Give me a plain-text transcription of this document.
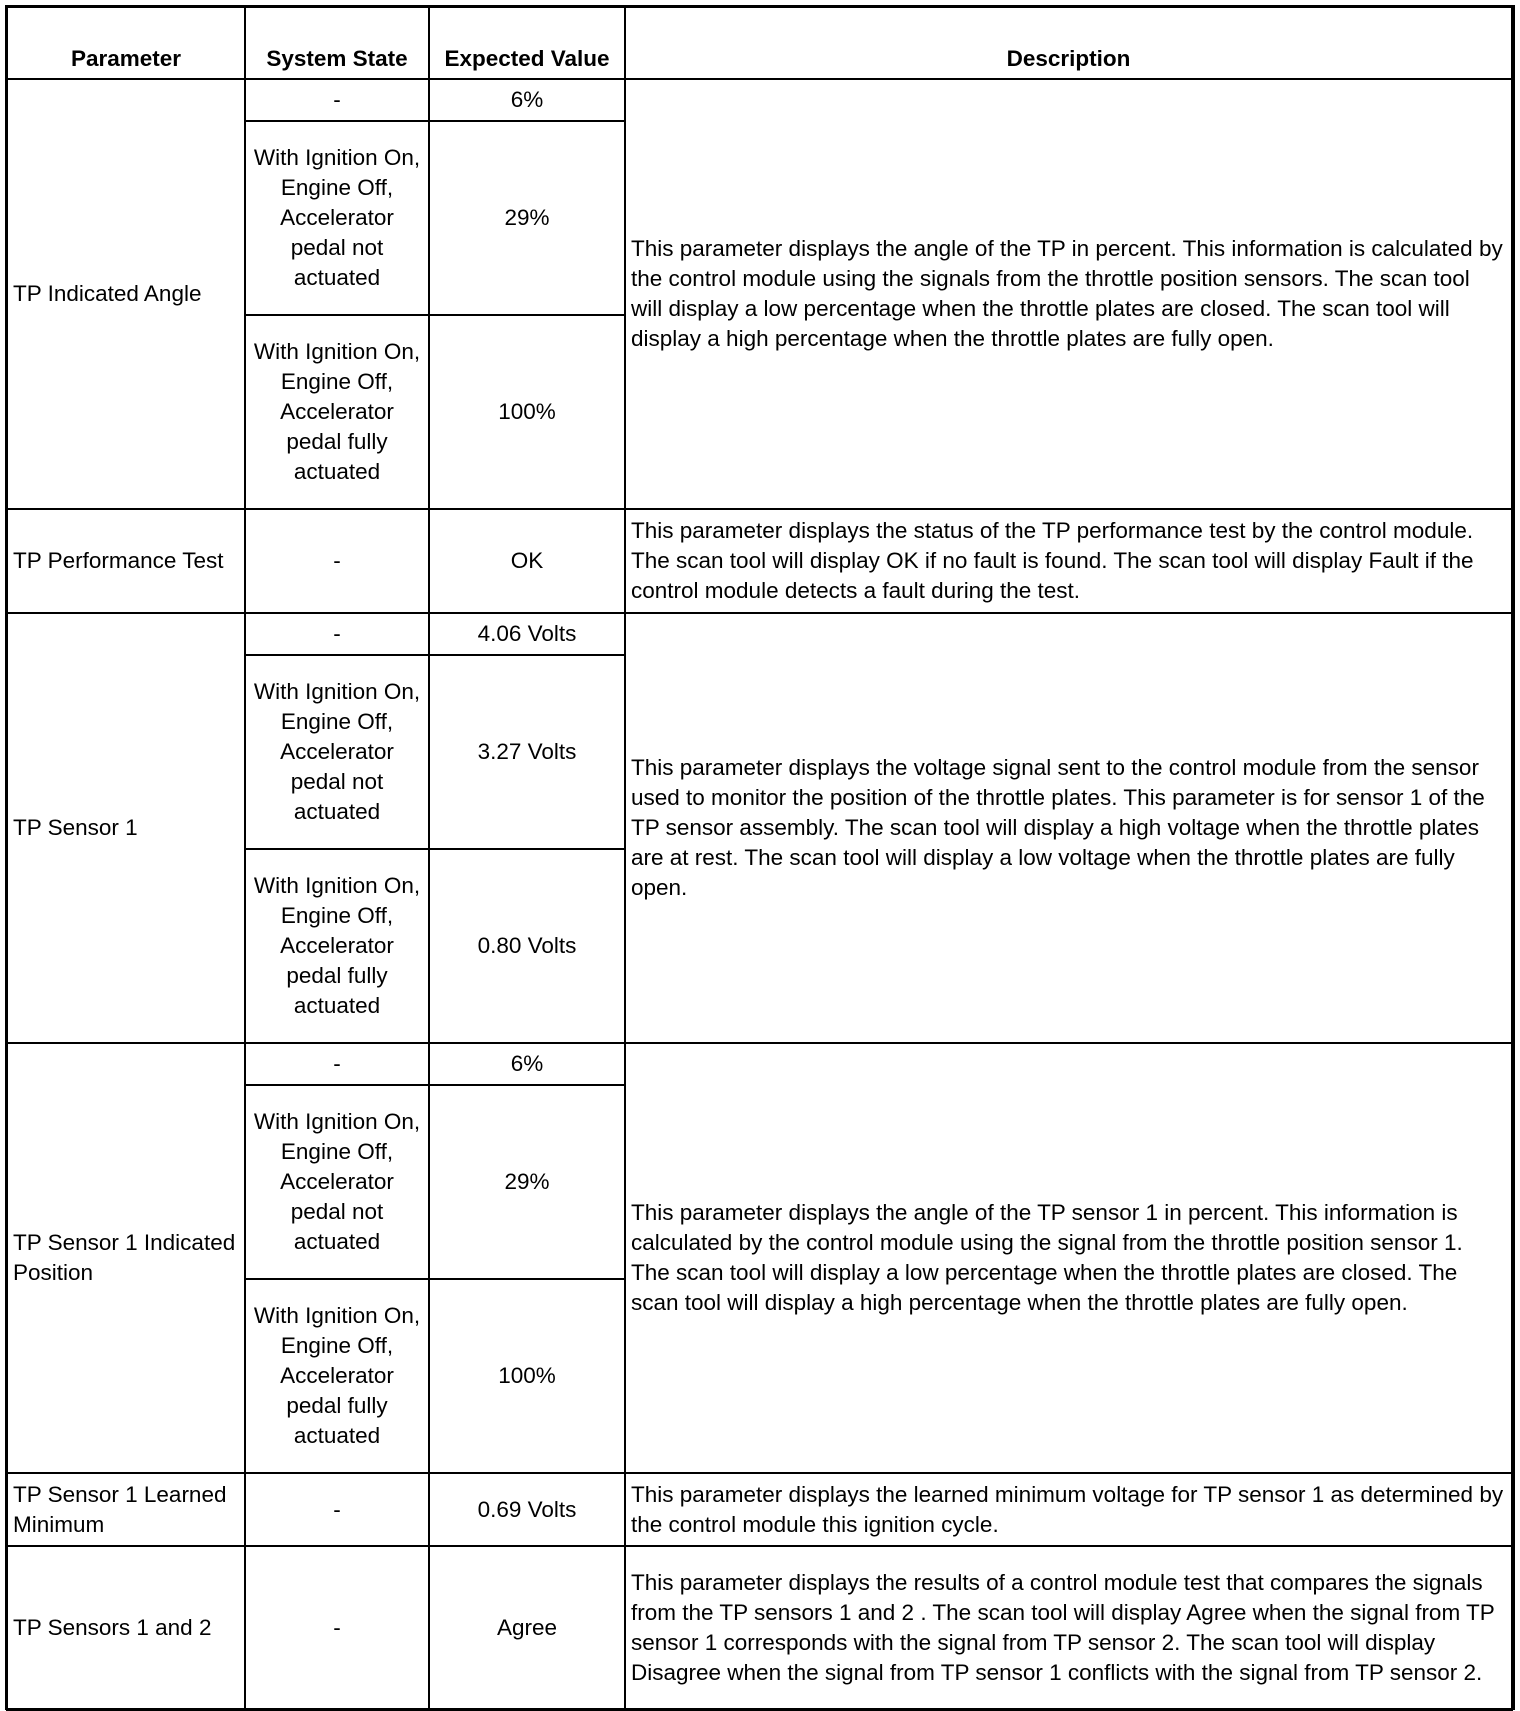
Parameter	System State	Expected Value	Description
TP Indicated Angle	-	6%	This parameter displays the angle of the TP in percent. This information is calculated by the control module using the signals from the throttle position sensors. The scan tool will display a low percentage when the throttle plates are closed. The scan tool will display a high percentage when the throttle plates are fully open.
	With Ignition On, Engine Off, Accelerator pedal not actuated	29%	
	With Ignition On, Engine Off, Accelerator pedal fully actuated	100%	
TP Performance Test	-	OK	This parameter displays the status of the TP performance test by the control module. The scan tool will display OK if no fault is found. The scan tool will display Fault if the control module detects a fault during the test.
TP Sensor 1	-	4.06 Volts	This parameter displays the voltage signal sent to the control module from the sensor used to monitor the position of the throttle plates. This parameter is for sensor 1 of the TP sensor assembly. The scan tool will display a high voltage when the throttle plates are at rest. The scan tool will display a low voltage when the throttle plates are fully open.
	With Ignition On, Engine Off, Accelerator pedal not actuated	3.27 Volts	
	With Ignition On, Engine Off, Accelerator pedal fully actuated	0.80 Volts	
TP Sensor 1 Indicated Position	-	6%	This parameter displays the angle of the TP sensor 1 in percent. This information is calculated by the control module using the signal from the throttle position sensor 1. The scan tool will display a low percentage when the throttle plates are closed. The scan tool will display a high percentage when the throttle plates are fully open.
	With Ignition On, Engine Off, Accelerator pedal not actuated	29%	
	With Ignition On, Engine Off, Accelerator pedal fully actuated	100%	
TP Sensor 1 Learned Minimum	-	0.69 Volts	This parameter displays the learned minimum voltage for TP sensor 1 as determined by the control module this ignition cycle.
TP Sensors 1 and 2	-	Agree	This parameter displays the results of a control module test that compares the signals from the TP sensors 1 and 2 . The scan tool will display Agree when the signal from TP sensor 1 corresponds with the signal from TP sensor 2. The scan tool will display Disagree when the signal from TP sensor 1 conflicts with the signal from TP sensor 2.
